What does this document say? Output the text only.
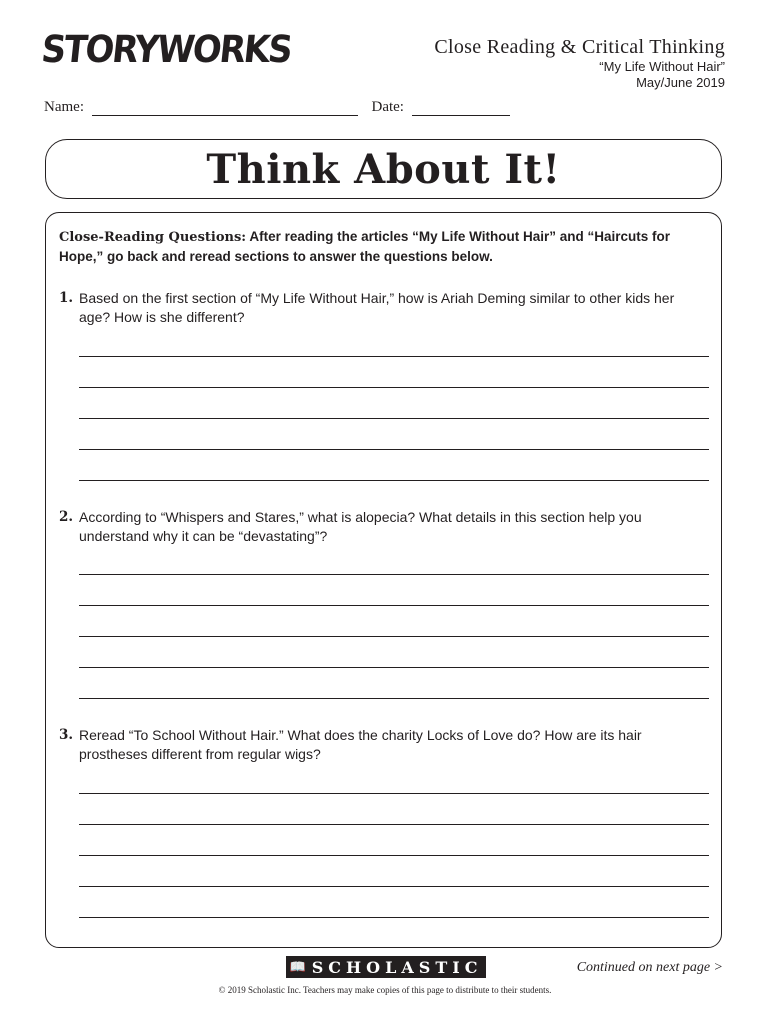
STORYWORKS	Close Reading & Critical Thinking
“My Life Without Hair”
May/June 2019
Name:	Date:
Think About It!
Close-Reading Questions: After reading the articles “My Life Without Hair” and “Haircuts for Hope,” go back and reread sections to answer the questions below.
1. Based on the first section of “My Life Without Hair,” how is Ariah Deming similar to other kids her age? How is she different?
2. According to “Whispers and Stares,” what is alopecia? What details in this section help you understand why it can be “devastating”?
3. Reread “To School Without Hair.” What does the charity Locks of Love do? How are its hair prostheses different from regular wigs?
📖 SCHOLASTIC	Continued on next page >
© 2019 Scholastic Inc. Teachers may make copies of this page to distribute to their students.
